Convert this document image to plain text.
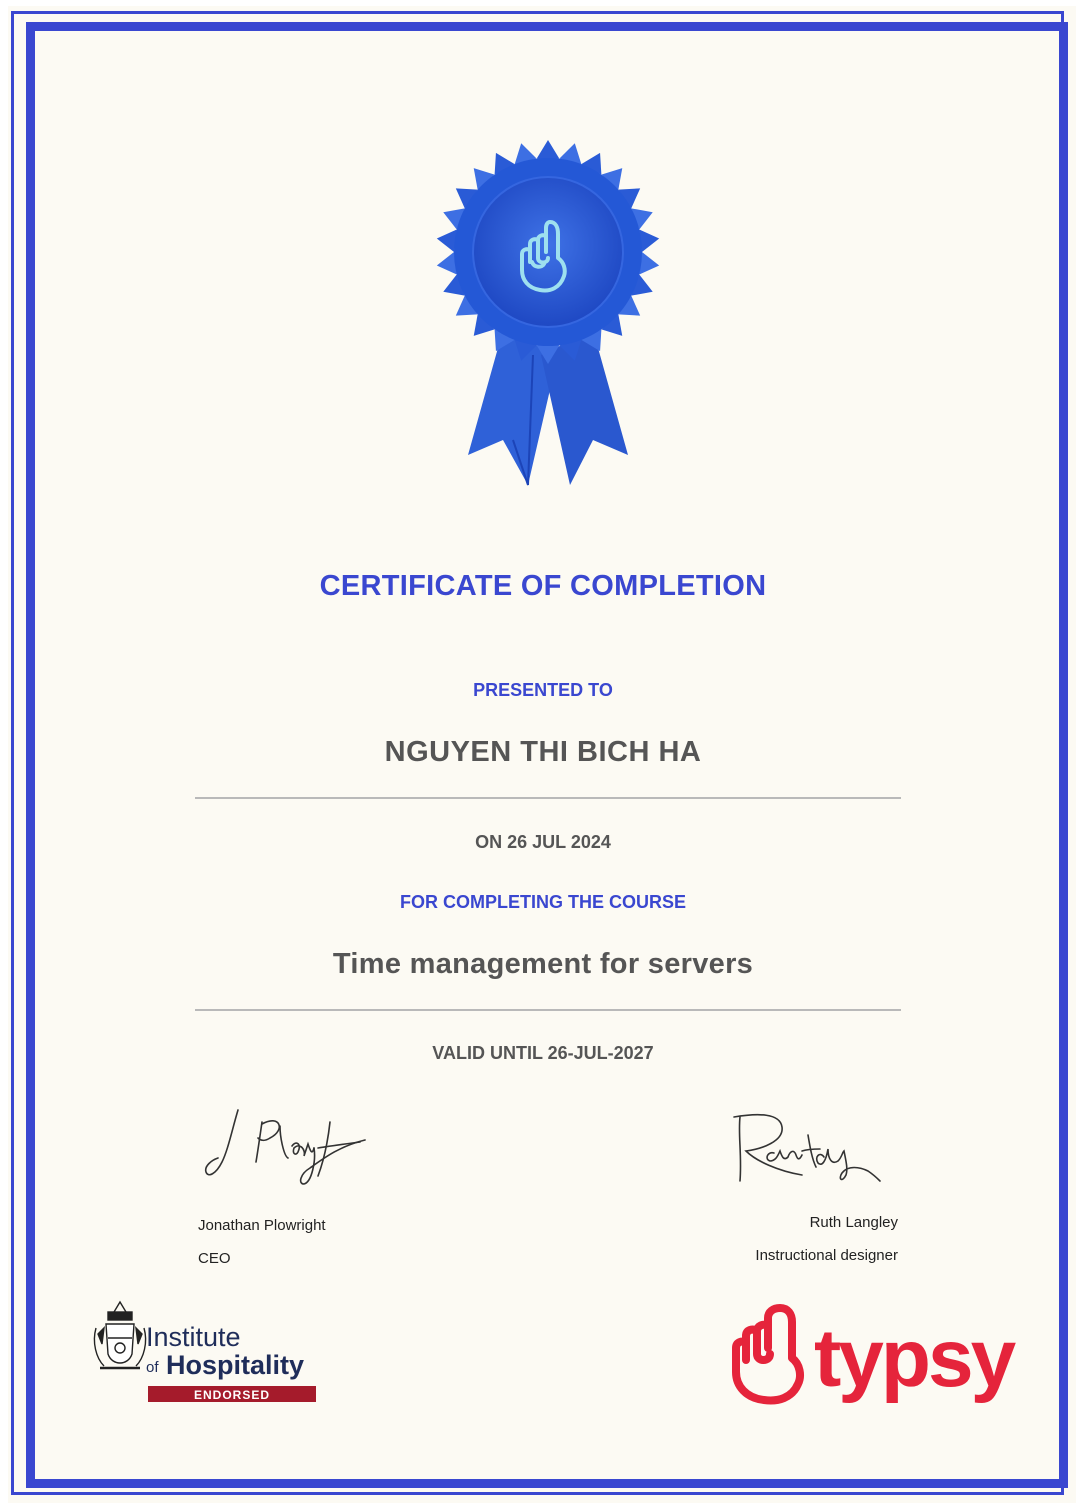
CERTIFICATE OF COMPLETION
PRESENTED TO
NGUYEN THI BICH HA
ON 26 JUL 2024
FOR COMPLETING THE COURSE
Time management for servers
VALID UNTIL 26-JUL-2027
Jonathan Plowright
CEO
Ruth Langley
Instructional designer
Institute
of Hospitality
ENDORSED	typsy
